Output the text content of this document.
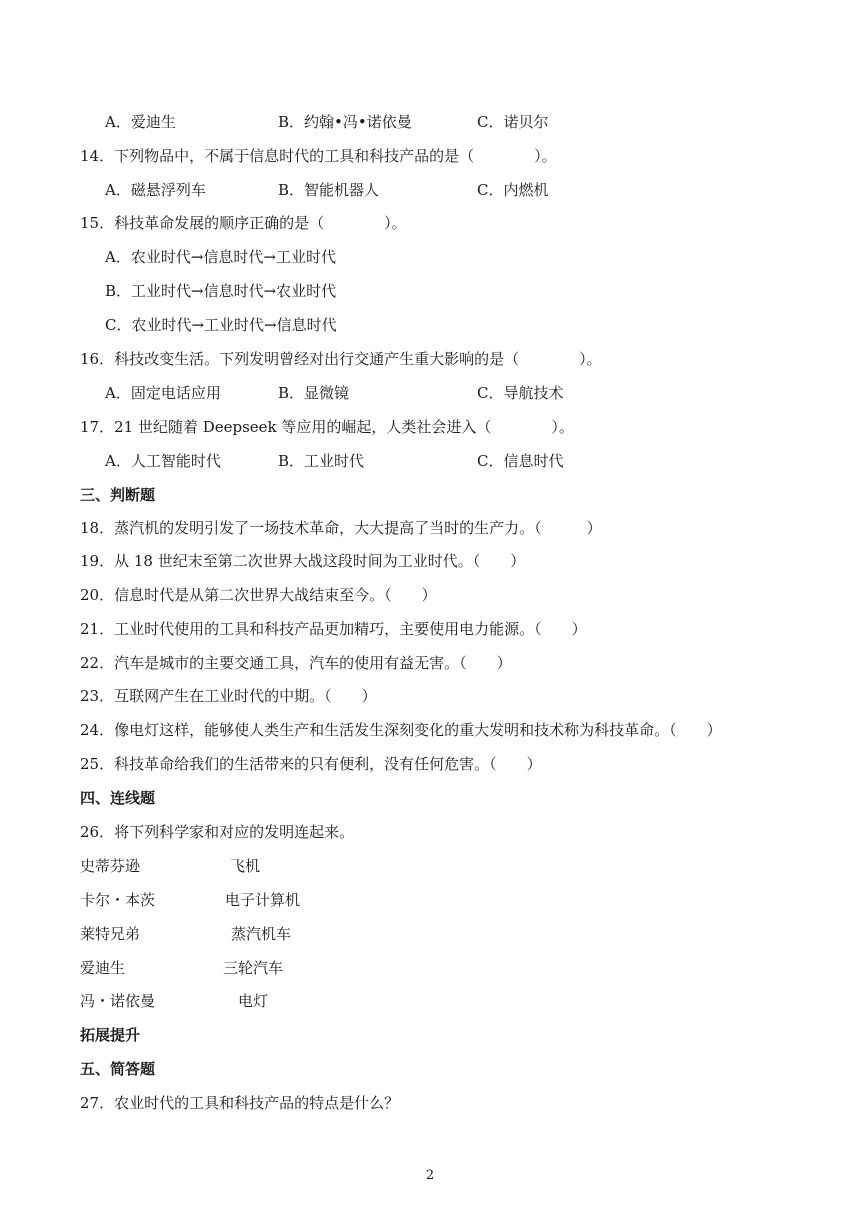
A．爱迪生	B．约翰•冯•诺依曼	C．诺贝尔
14．下列物品中，不属于信息时代的工具和科技产品的是（　　　　）。
A．磁悬浮列车	B．智能机器人	C．内燃机
15．科技革命发展的顺序正确的是（　　　　）。
A．农业时代→信息时代→工业时代
B．工业时代→信息时代→农业时代
C．农业时代→工业时代→信息时代
16．科技改变生活。下列发明曾经对出行交通产生重大影响的是（　　　　）。
A．固定电话应用	B．显微镜	C．导航技术
17．21 世纪随着 Deepseek 等应用的崛起，人类社会进入（　　　　）。
A．人工智能时代	B．工业时代	C．信息时代
三、判断题
18．蒸汽机的发明引发了一场技术革命，大大提高了当时的生产力。（　　　）
19．从 18 世纪末至第二次世界大战这段时间为工业时代。（　　）
20．信息时代是从第二次世界大战结束至今。（　　）
21．工业时代使用的工具和科技产品更加精巧，主要使用电力能源。（　　）
22．汽车是城市的主要交通工具，汽车的使用有益无害。（　　）
23．互联网产生在工业时代的中期。（　　）
24．像电灯这样，能够使人类生产和生活发生深刻变化的重大发明和技术称为科技革命。（　　）
25．科技革命给我们的生活带来的只有便利，没有任何危害。（　　）
四、连线题
26．将下列科学家和对应的发明连起来。
史蒂芬逊	飞机
卡尔・本茨	电子计算机
莱特兄弟	蒸汽机车
爱迪生	三轮汽车
冯・诺依曼	电灯
拓展提升
五、简答题
27．农业时代的工具和科技产品的特点是什么？
2
